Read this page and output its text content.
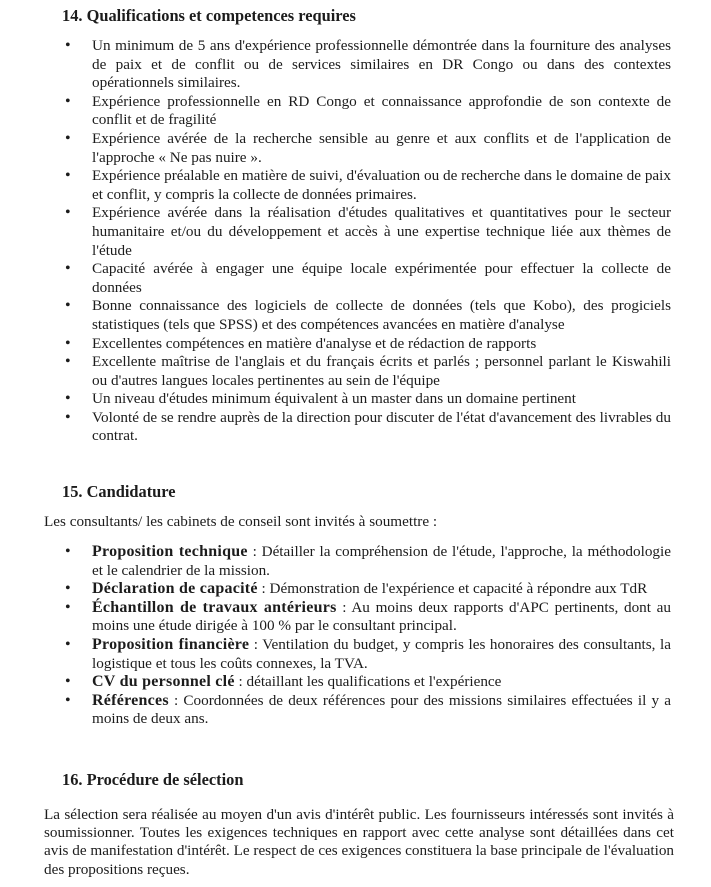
14. Qualifications et competences requires
• Un minimum de 5 ans d'expérience professionnelle démontrée dans la fourniture des analyses de paix et de conflit ou de services similaires en DR Congo ou dans des contextes opérationnels similaires.
• Expérience professionnelle en RD Congo et connaissance approfondie de son contexte de conflit et de fragilité
• Expérience avérée de la recherche sensible au genre et aux conflits et de l'application de l'approche « Ne pas nuire ».
• Expérience préalable en matière de suivi, d'évaluation ou de recherche dans le domaine de paix et conflit, y compris la collecte de données primaires.
• Expérience avérée dans la réalisation d'études qualitatives et quantitatives pour le secteur humanitaire et/ou du développement et accès à une expertise technique liée aux thèmes de l'étude
• Capacité avérée à engager une équipe locale expérimentée pour effectuer la collecte de données
• Bonne connaissance des logiciels de collecte de données (tels que Kobo), des progiciels statistiques (tels que SPSS) et des compétences avancées en matière d'analyse
• Excellentes compétences en matière d'analyse et de rédaction de rapports
• Excellente maîtrise de l'anglais et du français écrits et parlés ; personnel parlant le Kiswahili ou d'autres langues locales pertinentes au sein de l'équipe
• Un niveau d'études minimum équivalent à un master dans un domaine pertinent
• Volonté de se rendre auprès de la direction pour discuter de l'état d'avancement des livrables du contrat.
15. Candidature

Les consultants/ les cabinets de conseil sont invités à soumettre :

• Proposition technique : Détailler la compréhension de l'étude, l'approche, la méthodologie et le calendrier de la mission.
• Déclaration de capacité : Démonstration de l'expérience et capacité à répondre aux TdR
• Échantillon de travaux antérieurs : Au moins deux rapports d'APC pertinents, dont au moins une étude dirigée à 100 % par le consultant principal.
• Proposition financière : Ventilation du budget, y compris les honoraires des consultants, la logistique et tous les coûts connexes, la TVA.
• CV du personnel clé : détaillant les qualifications et l'expérience
• Références : Coordonnées de deux références pour des missions similaires effectuées il y a moins de deux ans.
16. Procédure de sélection

La sélection sera réalisée au moyen d'un avis d'intérêt public. Les fournisseurs intéressés sont invités à soumissionner. Toutes les exigences techniques en rapport avec cette analyse sont détaillées dans cet avis de manifestation d'intérêt. Le respect de ces exigences constituera la base principale de l'évaluation des propositions reçues.
